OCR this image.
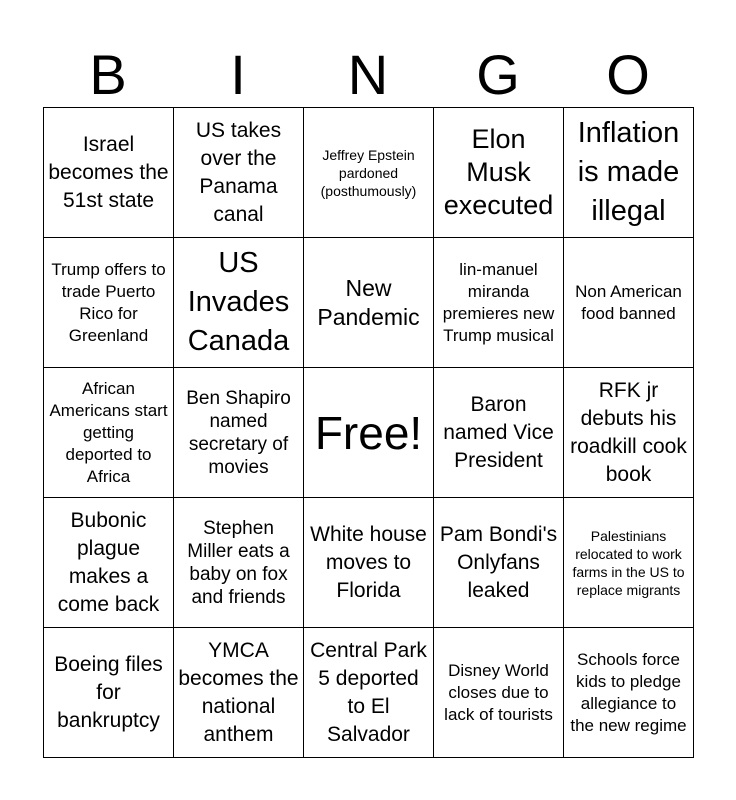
B	I	N	G	O
Israel becomes the 51st state	US takes over the Panama canal	Jeffrey Epstein pardoned (posthumously)	Elon Musk executed	Inflation is made illegal
Trump offers to trade Puerto Rico for Greenland	US Invades Canada	New Pandemic	lin-manuel miranda premieres new Trump musical	Non American food banned
African Americans start getting deported to Africa	Ben Shapiro named secretary of movies	Free!	Baron named Vice President	RFK jr debuts his roadkill cook book
Bubonic plague makes a come back	Stephen Miller eats a baby on fox and friends	White house moves to Florida	Pam Bondi's Onlyfans leaked	Palestinians relocated to work farms in the US to replace migrants
Boeing files for bankruptcy	YMCA becomes the national anthem	Central Park 5 deported to El Salvador	Disney World closes due to lack of tourists	Schools force kids to pledge allegiance to the new regime
